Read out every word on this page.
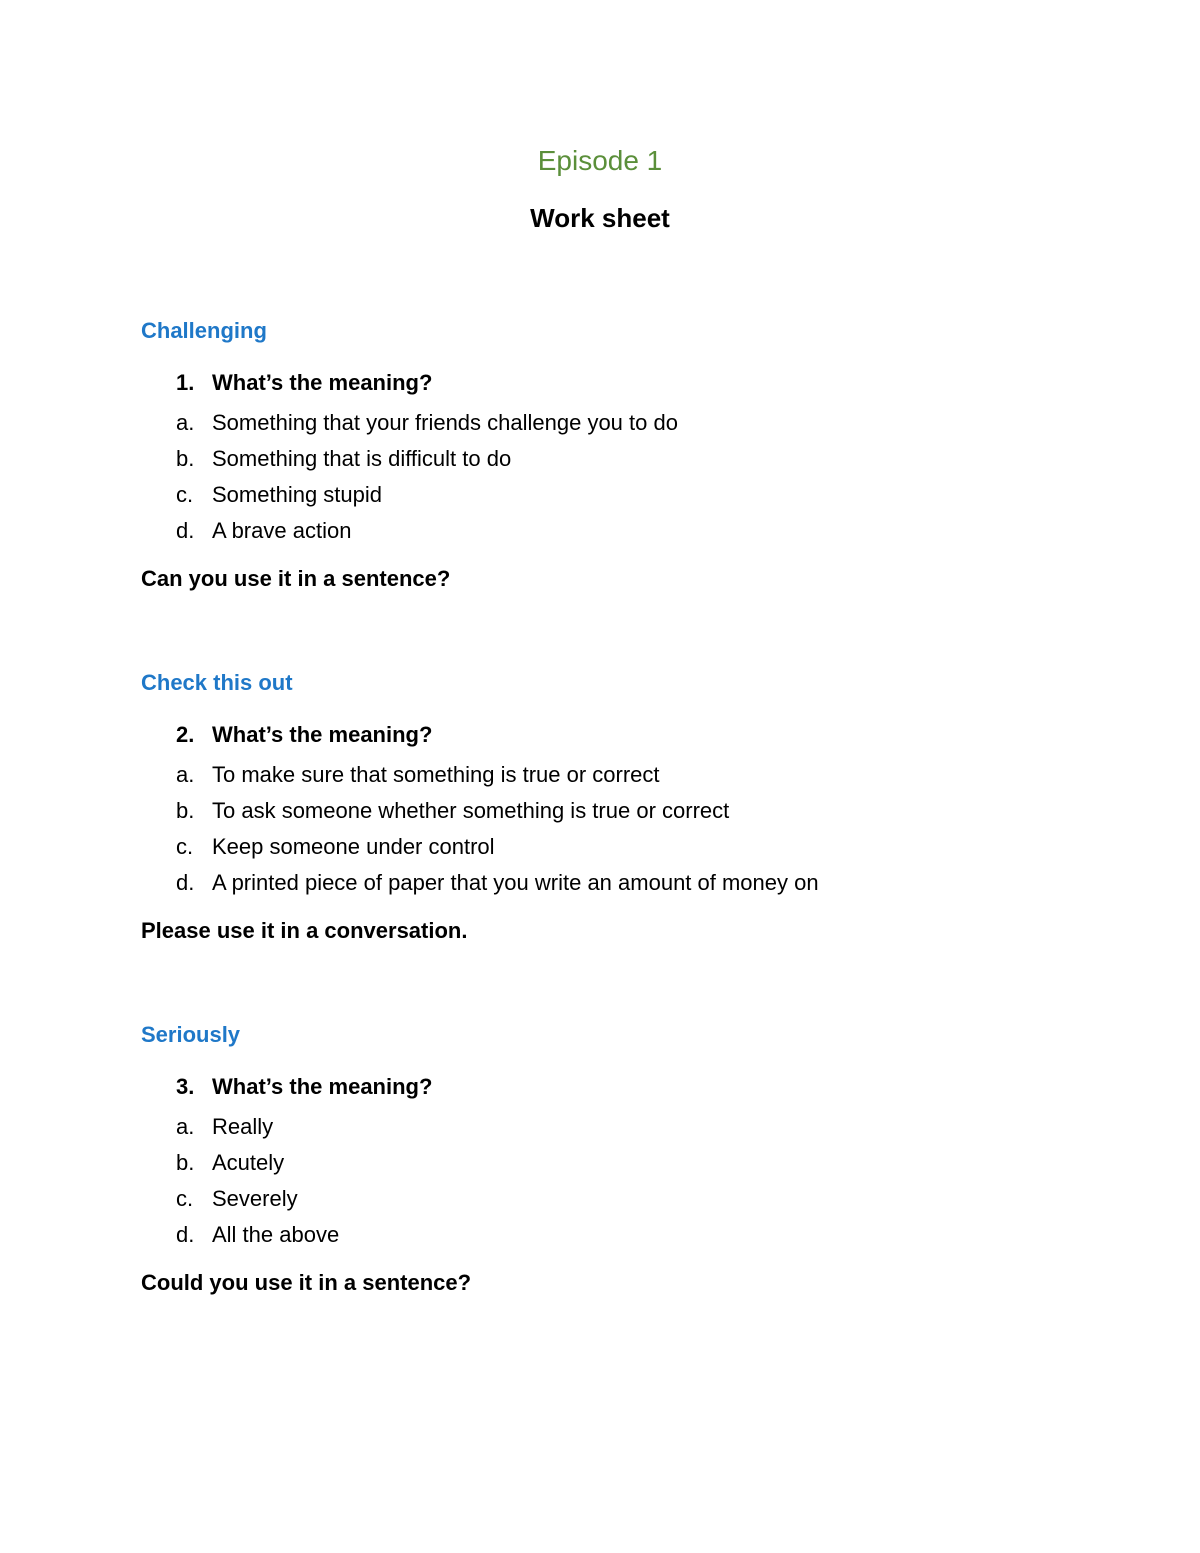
Episode 1
Work sheet
Challenging
1. What’s the meaning?
a. Something that your friends challenge you to do
b. Something that is difficult to do
c. Something stupid
d. A brave action
Can you use it in a sentence?
Check this out
2. What’s the meaning?
a. To make sure that something is true or correct
b. To ask someone whether something is true or correct
c. Keep someone under control
d. A printed piece of paper that you write an amount of money on
Please use it in a conversation.
Seriously
3. What’s the meaning?
a. Really
b. Acutely
c. Severely
d. All the above
Could you use it in a sentence?
